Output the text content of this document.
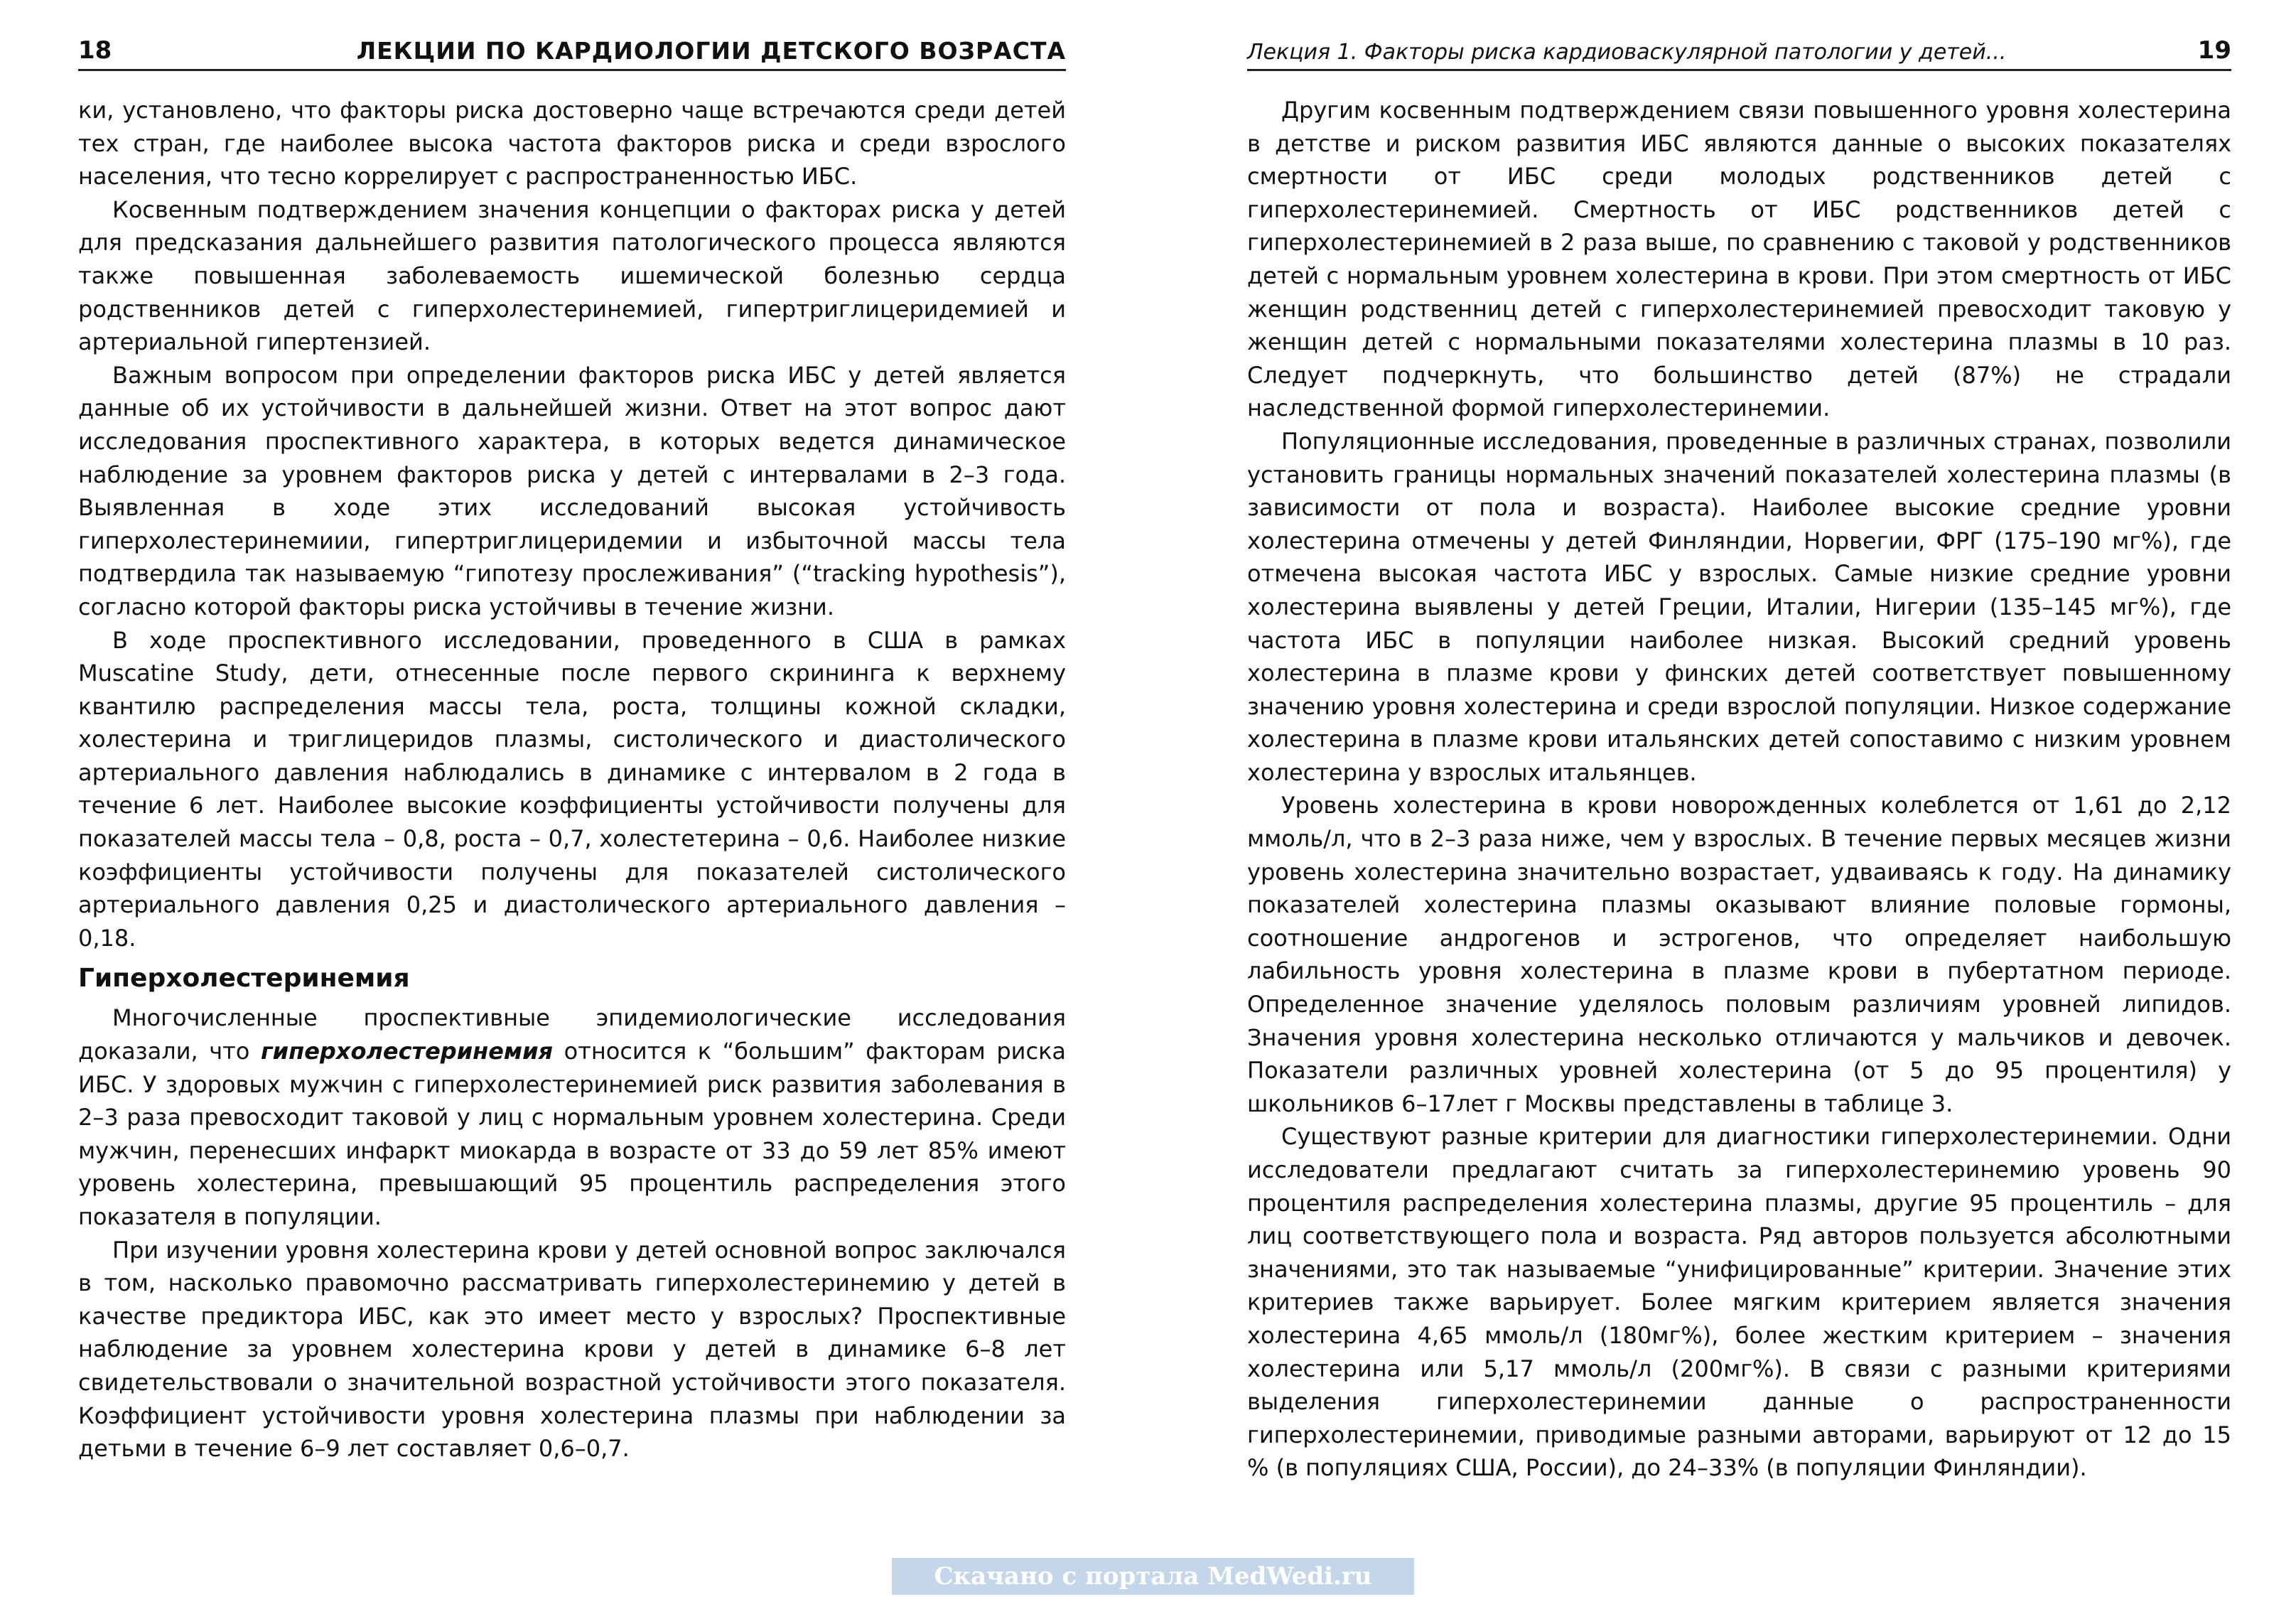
18	ЛЕКЦИИ ПО КАРДИОЛОГИИ ДЕТСКОГО ВОЗРАСТА

ки, установлено, что факторы риска достоверно чаще встречаются среди детей тех стран, где наиболее высока частота факторов риска и среди взрослого населения, что тесно коррелирует с распространенностью ИБС.

Косвенным подтверждением значения концепции о факторах риска у детей для предсказания дальнейшего развития патологического процесса являются также повышенная заболеваемость ишемической болезнью сердца родственников детей с гиперхолестеринемией, гипертриглицеридемией и артериальной гипертензией.

Важным вопросом при определении факторов риска ИБС у детей является данные об их устойчивости в дальнейшей жизни. Ответ на этот вопрос дают исследования проспективного характера, в которых ведется динамическое наблюдение за уровнем факторов риска у детей с интервалами в 2–3 года. Выявленная в ходе этих исследований высокая устойчивость гиперхолестеринемиии, гипертриглицеридемии и избыточной массы тела подтвердила так называемую “гипотезу прослеживания” (“tracking hypothesis”), согласно которой факторы риска устойчивы в течение жизни.

В ходе проспективного исследовании, проведенного в США в рамках Muscatine Study, дети, отнесенные после первого скрининга к верхнему квантилю распределения массы тела, роста, толщины кожной складки, холестерина и триглицеридов плазмы, систолического и диастолического артериального давления наблюдались в динамике с интервалом в 2 года в течение 6 лет. Наиболее высокие коэффициенты устойчивости получены для показателей массы тела – 0,8, роста – 0,7, холестетерина – 0,6. Наиболее низкие коэффициенты устойчивости получены для показателей систолического артериального давления 0,25 и диастолического артериального давления – 0,18.

Гиперхолестеринемия

Многочисленные проспективные эпидемиологические исследования доказали, что гиперхолестеринемия относится к “большим” факторам риска ИБС. У здоровых мужчин с гиперхолестеринемией риск развития заболевания в 2–3 раза превосходит таковой у лиц с нормальным уровнем холестерина. Среди мужчин, перенесших инфаркт миокарда в возрасте от 33 до 59 лет 85% имеют уровень холестерина, превышающий 95 процентиль распределения этого показателя в популяции.

При изучении уровня холестерина крови у детей основной вопрос заключался в том, насколько правомочно рассматривать гиперхолестеринемию у детей в качестве предиктора ИБС, как это имеет место у взрослых? Проспективные наблюдение за уровнем холестерина крови у детей в динамике 6–8 лет свидетельствовали о значительной возрастной устойчивости этого показателя. Коэффициент устойчивости уровня холестерина плазмы при наблюдении за детьми в течение 6–9 лет составляет 0,6–0,7.

Лекция 1. Факторы риска кардиоваскулярной патологии у детей...	19

Другим косвенным подтверждением связи повышенного уровня холестерина в детстве и риском развития ИБС являются данные о высоких показателях смертности от ИБС среди молодых родственников детей с гиперхолестеринемией. Смертность от ИБС родственников детей с гиперхолестеринемией в 2 раза выше, по сравнению с таковой у родственников детей с нормальным уровнем холестерина в крови. При этом смертность от ИБС женщин родственниц детей с гиперхолестеринемией превосходит таковую у женщин детей с нормальными показателями холестерина плазмы в 10 раз. Следует подчеркнуть, что большинство детей (87%) не страдали наследственной формой гиперхолестеринемии.

Популяционные исследования, проведенные в различных странах, позволили установить границы нормальных значений показателей холестерина плазмы (в зависимости от пола и возраста). Наиболее высокие средние уровни холестерина отмечены у детей Финляндии, Норвегии, ФРГ (175–190 мг%), где отмечена высокая частота ИБС у взрослых. Самые низкие средние уровни холестерина выявлены у детей Греции, Италии, Нигерии (135–145 мг%), где частота ИБС в популяции наиболее низкая. Высокий средний уровень холестерина в плазме крови у финских детей соответствует повышенному значению уровня холестерина и среди взрослой популяции. Низкое содержание холестерина в плазме крови итальянских детей сопоставимо с низким уровнем холестерина у взрослых итальянцев.

Уровень холестерина в крови новорожденных колеблется от 1,61 до 2,12 ммоль/л, что в 2–3 раза ниже, чем у взрослых. В течение первых месяцев жизни уровень холестерина значительно возрастает, удваиваясь к году. На динамику показателей холестерина плазмы оказывают влияние половые гормоны, соотношение андрогенов и эстрогенов, что определяет наибольшую лабильность уровня холестерина в плазме крови в пубертатном периоде. Определенное значение уделялось половым различиям уровней липидов. Значения уровня холестерина несколько отличаются у мальчиков и девочек. Показатели различных уровней холестерина (от 5 до 95 процентиля) у школьников 6–17лет г Москвы представлены в таблице 3.

Существуют разные критерии для диагностики гиперхолестеринемии. Одни исследователи предлагают считать за гиперхолестеринемию уровень 90 процентиля распределения холестерина плазмы, другие 95 процентиль – для лиц соответствующего пола и возраста. Ряд авторов пользуется абсолютными значениями, это так называемые “унифицированные” критерии. Значение этих критериев также варьирует. Более мягким критерием является значения холестерина 4,65 ммоль/л (180мг%), более жестким критерием – значения холестерина или 5,17 ммоль/л (200мг%). В связи с разными критериями выделения гиперхолестеринемии данные о распространенности гиперхолестеринемии, приводимые разными авторами, варьируют от 12 до 15 % (в популяциях США, России), до 24–33% (в популяции Финляндии).

Скачано с портала MedWedi.ru
